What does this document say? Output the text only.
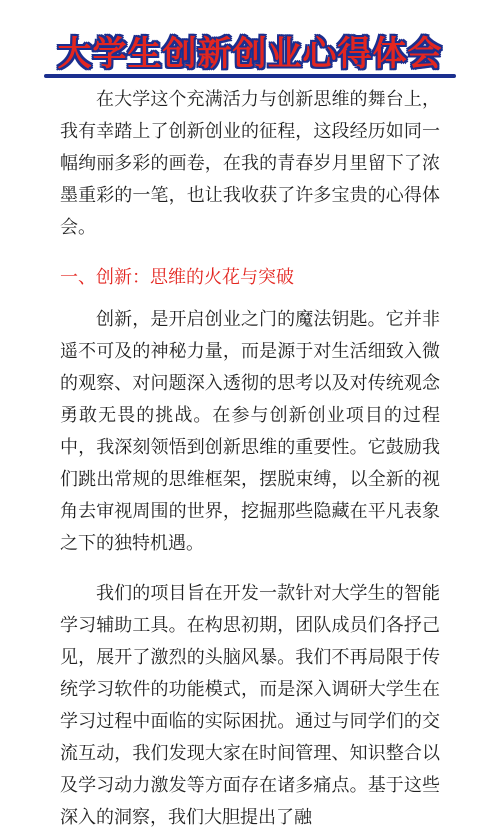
大学生创新创业心得体会

在大学这个充满活力与创新思维的舞台上，我有幸踏上了创新创业的征程，这段经历如同一幅绚丽多彩的画卷，在我的青春岁月里留下了浓墨重彩的一笔，也让我收获了许多宝贵的心得体会。

一、创新：思维的火花与突破

创新，是开启创业之门的魔法钥匙。它并非遥不可及的神秘力量，而是源于对生活细致入微的观察、对问题深入透彻的思考以及对传统观念勇敢无畏的挑战。在参与创新创业项目的过程中，我深刻领悟到创新思维的重要性。它鼓励我们跳出常规的思维框架，摆脱束缚，以全新的视角去审视周围的世界，挖掘那些隐藏在平凡表象之下的独特机遇。

我们的项目旨在开发一款针对大学生的智能学习辅助工具。在构思初期，团队成员们各抒己见，展开了激烈的头脑风暴。我们不再局限于传统学习软件的功能模式，而是深入调研大学生在学习过程中面临的实际困扰。通过与同学们的交流互动，我们发现大家在时间管理、知识整合以及学习动力激发等方面存在诸多痛点。基于这些深入的洞察，我们大胆提出了融
